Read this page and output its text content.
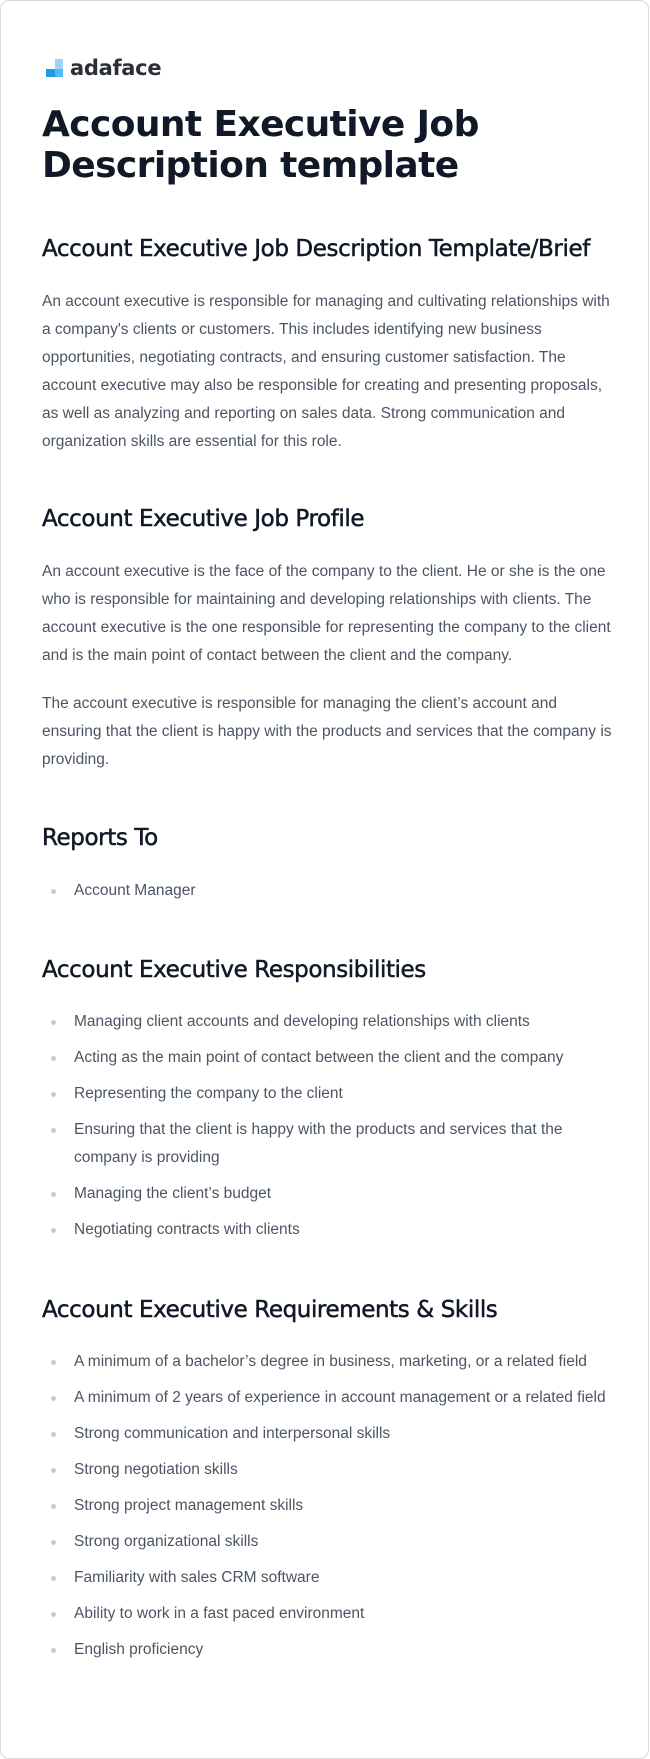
adaface
Account Executive Job Description template
Account Executive Job Description Template/Brief

An account executive is responsible for managing and cultivating relationships with a company's clients or customers. This includes identifying new business opportunities, negotiating contracts, and ensuring customer satisfaction. The account executive may also be responsible for creating and presenting proposals, as well as analyzing and reporting on sales data. Strong communication and organization skills are essential for this role.

Account Executive Job Profile

An account executive is the face of the company to the client. He or she is the one who is responsible for maintaining and developing relationships with clients. The account executive is the one responsible for representing the company to the client and is the main point of contact between the client and the company.

The account executive is responsible for managing the client’s account and ensuring that the client is happy with the products and services that the company is providing.

Reports To
Account Manager
Account Executive Responsibilities
Managing client accounts and developing relationships with clients
Acting as the main point of contact between the client and the company
Representing the company to the client
Ensuring that the client is happy with the products and services that the company is providing
Managing the client’s budget
Negotiating contracts with clients
Account Executive Requirements & Skills
A minimum of a bachelor’s degree in business, marketing, or a related field
A minimum of 2 years of experience in account management or a related field
Strong communication and interpersonal skills
Strong negotiation skills
Strong project management skills
Strong organizational skills
Familiarity with sales CRM software
Ability to work in a fast paced environment
English proficiency
